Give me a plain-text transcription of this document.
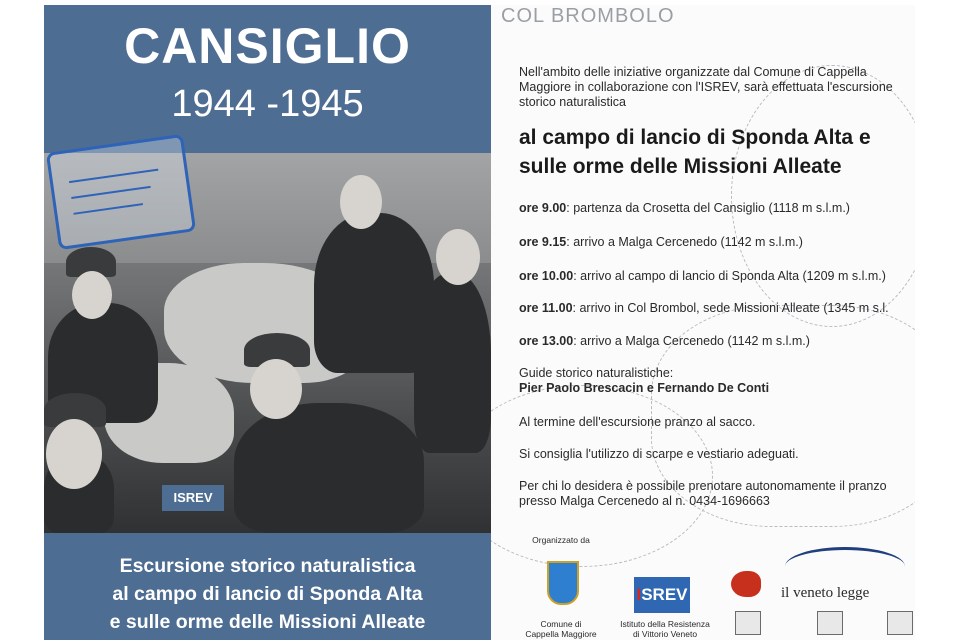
CANSIGLIO
1944 -1945
ISREV
Escursione storico naturalistica
al campo di lancio di Sponda Alta
e sulle orme delle Missioni Alleate
COL BROMBOLO
Nell'ambito delle iniziative organizzate dal Comune di Cappella Maggiore in collaborazione con l'ISREV, sarà effettuata l'escursione storico naturalistica
al campo di lancio di Sponda Alta e
sulle orme delle Missioni Alleate
ore 9.00: partenza da Crosetta del Cansiglio (1118 m s.l.m.)
ore 9.15: arrivo a Malga Cercenedo (1142 m s.l.m.)
ore 10.00: arrivo al campo di lancio di Sponda Alta (1209 m s.l.m.)
ore 11.00: arrivo in Col Brombol, sede Missioni Alleate (1345 m s.l.
ore 13.00: arrivo a Malga Cercenedo (1142 m s.l.m.)
Guide storico naturalistiche:
Pier Paolo Brescacin e Fernando De Conti
Al termine dell'escursione pranzo al sacco.
Si consiglia l'utilizzo di scarpe e vestiario adeguati.
Per chi lo desidera è possibile prenotare autonomamente il pranzo
presso Malga Cercenedo al n. 0434-1696663
Organizzato da
Comune di
Cappella Maggiore
ISREV
Istituto della Resistenza
di Vittorio Veneto
il veneto legge
